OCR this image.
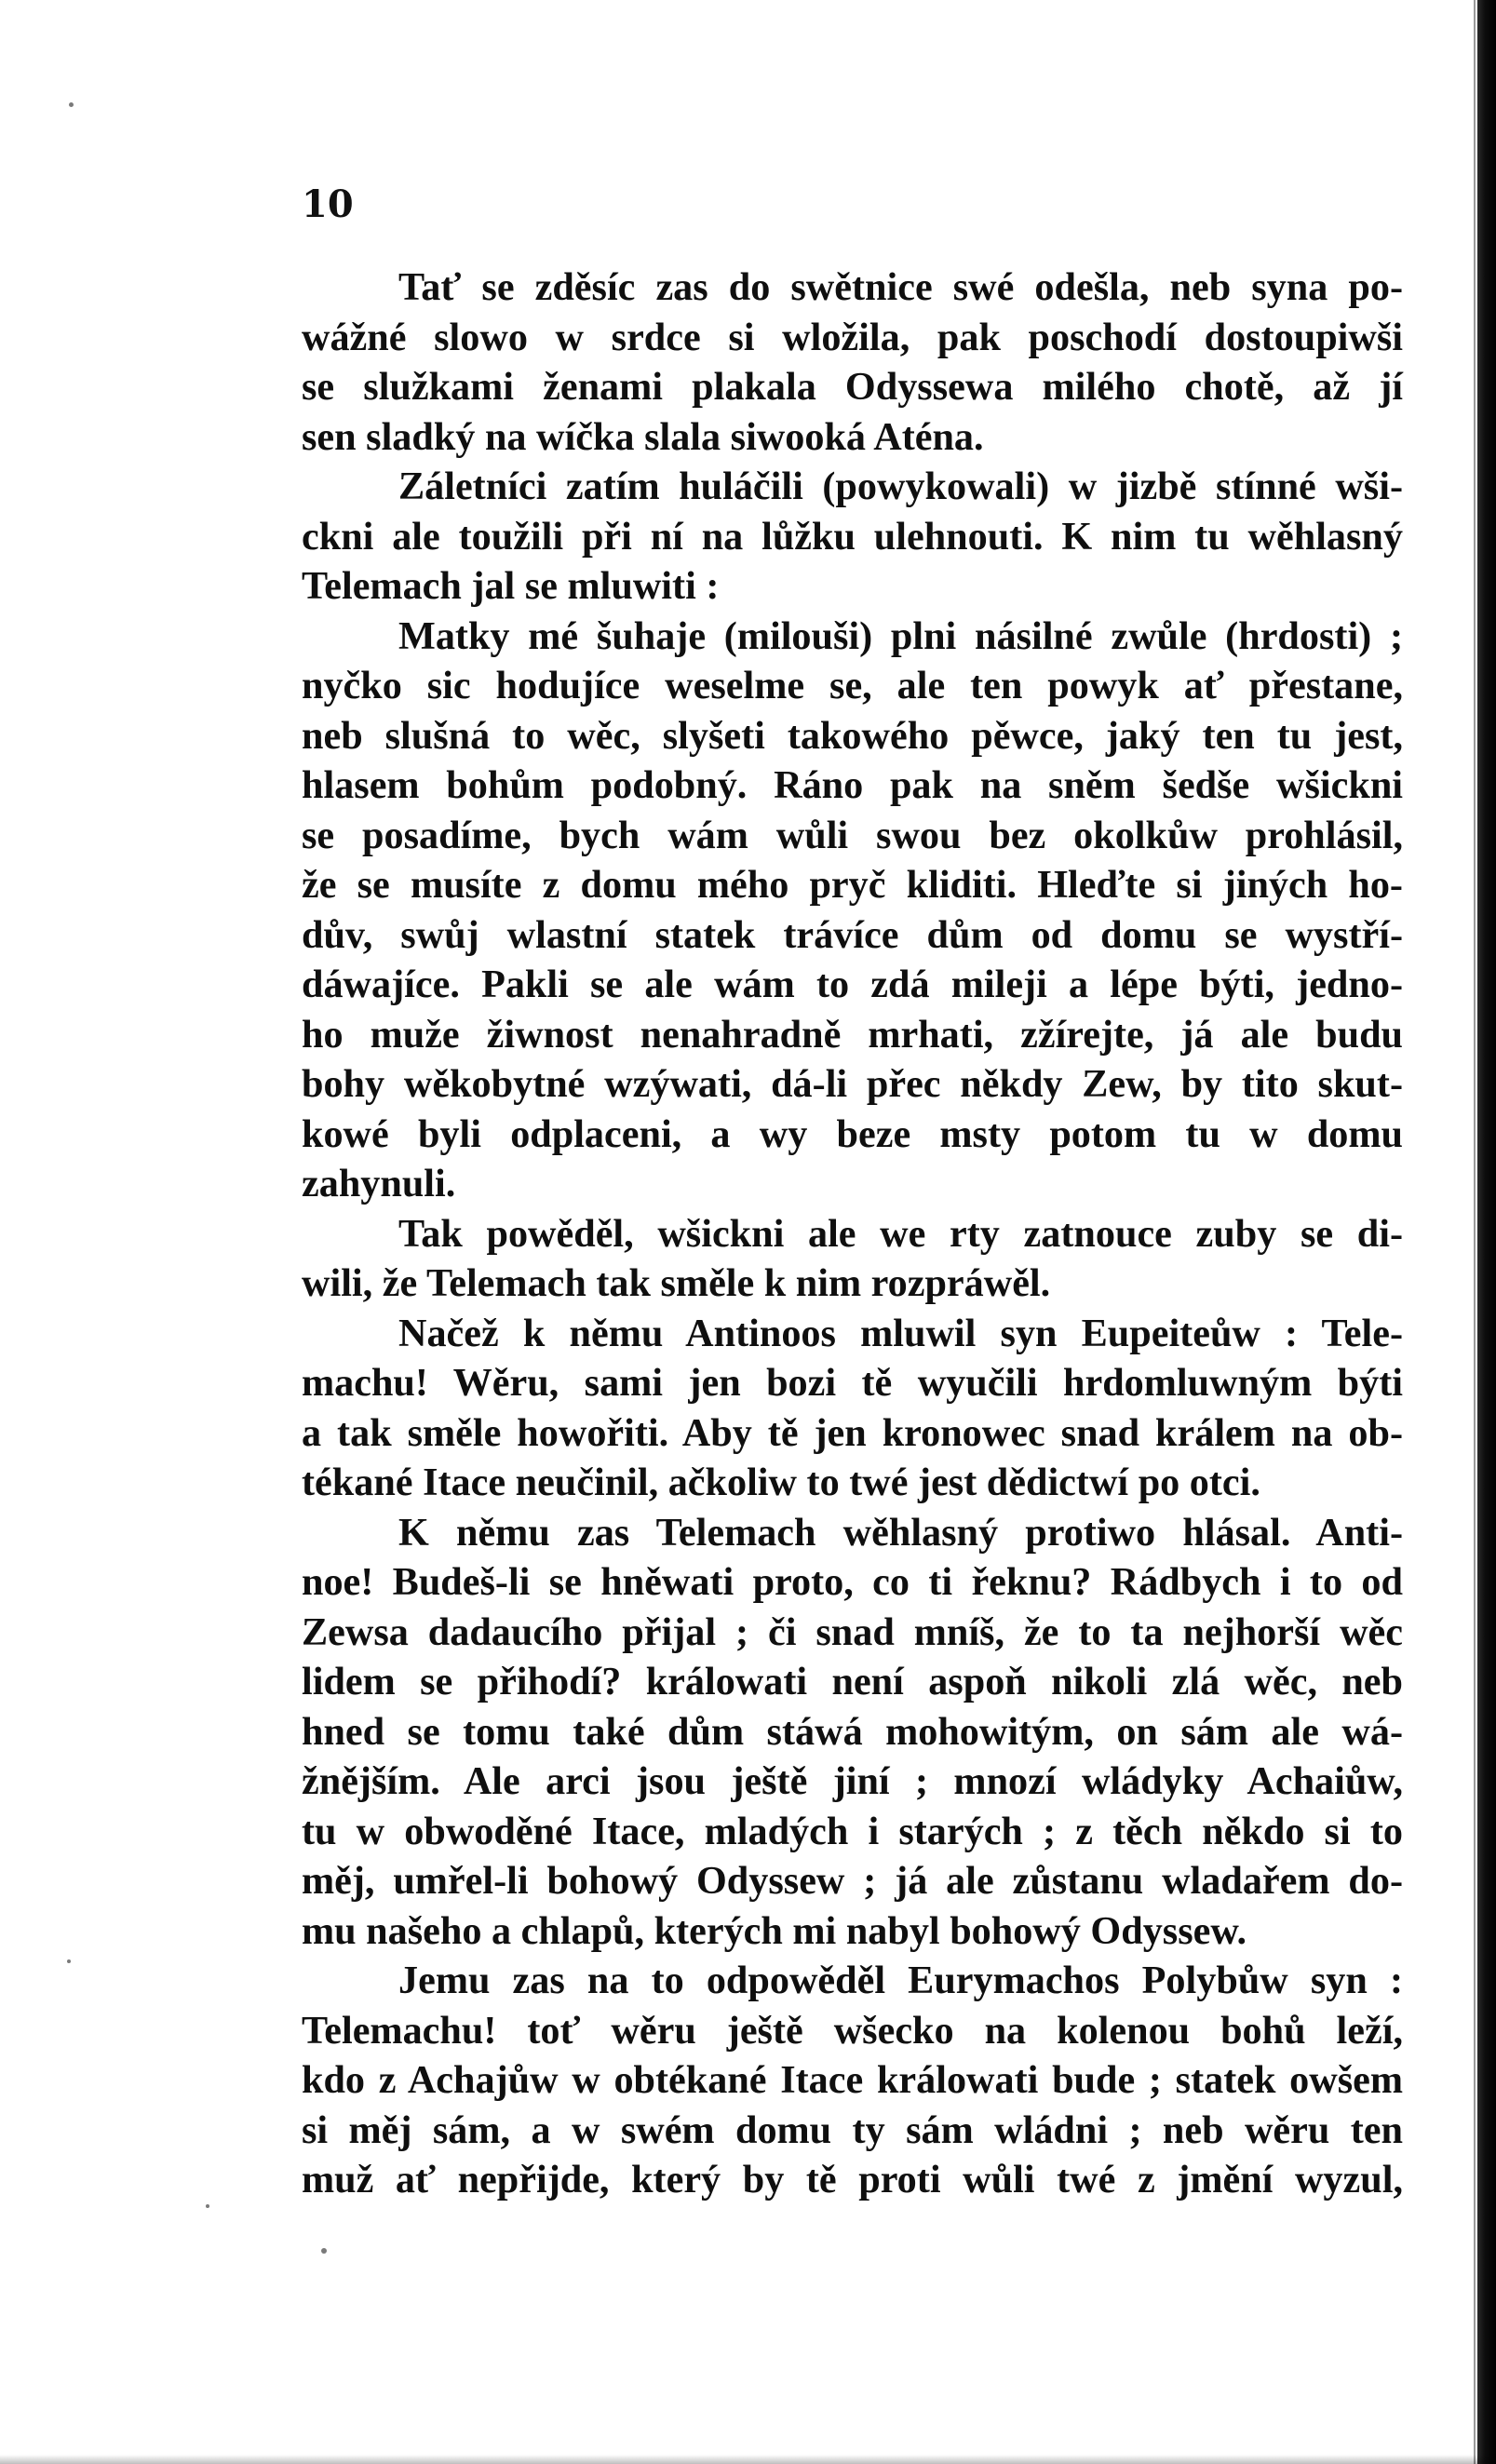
10

Tať se zděsíc zas do swětnice swé odešla, neb syna po-
wážné slowo w srdce si wložila, pak poschodí dostoupiwši
se služkami ženami plakala Odyssewa milého chotě, až jí
sen sladký na wíčka slala siwooká Aténa.

Záletníci zatím huláčili (powykowali) w jizbě stínné wši-
ckni ale toužili při ní na lůžku ulehnouti. K nim tu wěhlasný
Telemach jal se mluwiti :

Matky mé šuhaje (milouši) plni násilné zwůle (hrdosti) ;
nyčko sic hodujíce weselme se, ale ten powyk ať přestane,
neb slušná to wěc, slyšeti takowého pěwce, jaký ten tu jest,
hlasem bohům podobný. Ráno pak na sněm šedše wšickni
se posadíme, bych wám wůli swou bez okolkůw prohlásil,
že se musíte z domu mého pryč kliditi. Hleďte si jiných ho-
dův, swůj wlastní statek trávíce dům od domu se wystří-
dáwajíce. Pakli se ale wám to zdá mileji a lépe býti, jedno-
ho muže žiwnost nenahradně mrhati, zžírejte, já ale budu
bohy wěkobytné wzýwati, dá-li přec někdy Zew, by tito skut-
kowé byli odplaceni, a wy beze msty potom tu w domu
zahynuli.

Tak powěděl, wšickni ale we rty zatnouce zuby se di-
wili, že Telemach tak směle k nim rozpráwěl.

Načež k němu Antinoos mluwil syn Eupeiteůw : Tele-
machu! Wěru, sami jen bozi tě wyučili hrdomluwným býti
a tak směle howořiti. Aby tě jen kronowec snad králem na ob-
tékané Itace neučinil, ačkoliw to twé jest dědictwí po otci.

K němu zas Telemach wěhlasný protiwo hlásal. Anti-
noe! Budeš-li se hněwati proto, co ti řeknu? Rádbych i to od
Zewsa dadaucího přijal ; či snad mníš, že to ta nejhorší wěc
lidem se přihodí? králowati není aspoň nikoli zlá wěc, neb
hned se tomu také dům stáwá mohowitým, on sám ale wá-
žnějším. Ale arci jsou ještě jiní ; mnozí wládyky Achaiůw,
tu w obwoděné Itace, mladých i starých ; z těch někdo si to
měj, umřel-li bohowý Odyssew ; já ale zůstanu wladařem do-
mu našeho a chlapů, kterých mi nabyl bohowý Odyssew.

Jemu zas na to odpowěděl Eurymachos Polybůw syn :
Telemachu! toť wěru ještě wšecko na kolenou bohů leží,
kdo z Achajůw w obtékané Itace králowati bude ; statek owšem
si měj sám, a w swém domu ty sám wládni ; neb wěru ten
muž ať nepřijde, který by tě proti wůli twé z jmění wyzul,
